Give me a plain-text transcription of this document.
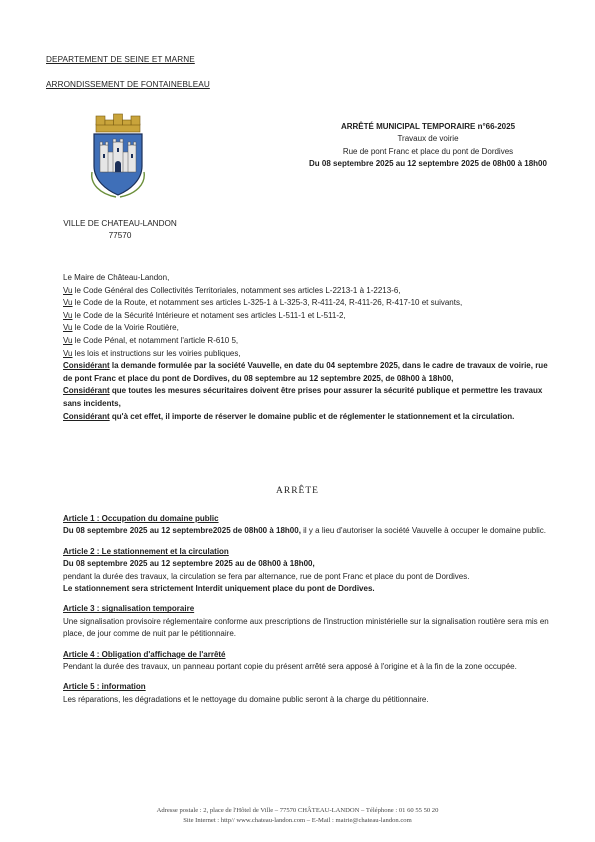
DEPARTEMENT DE SEINE ET MARNE
ARRONDISSEMENT DE FONTAINEBLEAU
VILLE DE CHATEAU-LANDON
77570
ARRÊTÉ MUNICIPAL TEMPORAIRE n°66-2025
Travaux de voirie
Rue de pont Franc et place du pont de Dordives
Du 08 septembre 2025 au 12 septembre 2025 de 08h00 à 18h00

Le Maire de Château-Landon,

Vu le Code Général des Collectivités Territoriales, notamment ses articles L-2213-1 à 1-2213-6,

Vu le Code de la Route, et notamment ses articles L-325-1 à L-325-3, R-411-24, R-411-26, R-417-10 et suivants,

Vu le Code de la Sécurité Intérieure et notament ses articles L-511-1 et L-511-2,

Vu le Code de la Voirie Routière,

Vu le Code Pénal, et notamment l'article R-610 5,

Vu les lois et instructions sur les voiries publiques,

Considérant la demande formulée par la société Vauvelle, en date du 04 septembre 2025, dans le cadre de travaux de voirie, rue de pont Franc et place du pont de Dordives, du 08 septembre au 12 septembre 2025, de 08h00 à 18h00,

Considérant que toutes les mesures sécuritaires doivent être prises pour assurer la sécurité publique et permettre les travaux sans incidents,

Considérant qu'à cet effet, il importe de réserver le domaine public et de réglementer le stationnement et la circulation.

ARRÊTE
Article 1 : Occupation du domaine public

Du 08 septembre 2025 au 12 septembre2025 de 08h00 à 18h00, il y a lieu d'autoriser la société Vauvelle à occuper le domaine public.

Article 2 : Le stationnement et la circulation

Du 08 septembre 2025 au 12 septembre 2025 au de 08h00 à 18h00,

pendant la durée des travaux, la circulation se fera par alternance, rue de pont Franc et place du pont de Dordives.

Le stationnement sera strictement Interdit uniquement place du pont de Dordives.

Article 3 : signalisation temporaire

Une signalisation provisoire réglementaire conforme aux prescriptions de l'instruction ministérielle sur la signalisation routière sera mis en place, de jour comme de nuit par le pétitionnaire.

Article 4 : Obligation d'affichage de l'arrêté

Pendant la durée des travaux, un panneau portant copie du présent arrêté sera apposé à l'origine et à la fin de la zone occupée.

Article 5 : information

Les réparations, les dégradations et le nettoyage du domaine public seront à la charge du pétitionnaire.

Adresse postale : 2, place de l'Hôtel de Ville – 77570 CHÂTEAU-LANDON – Téléphone : 01 60 55 50 20
Site Internet : http// www.chateau-landon.com – E-Mail : mairie@chateau-landon.com
